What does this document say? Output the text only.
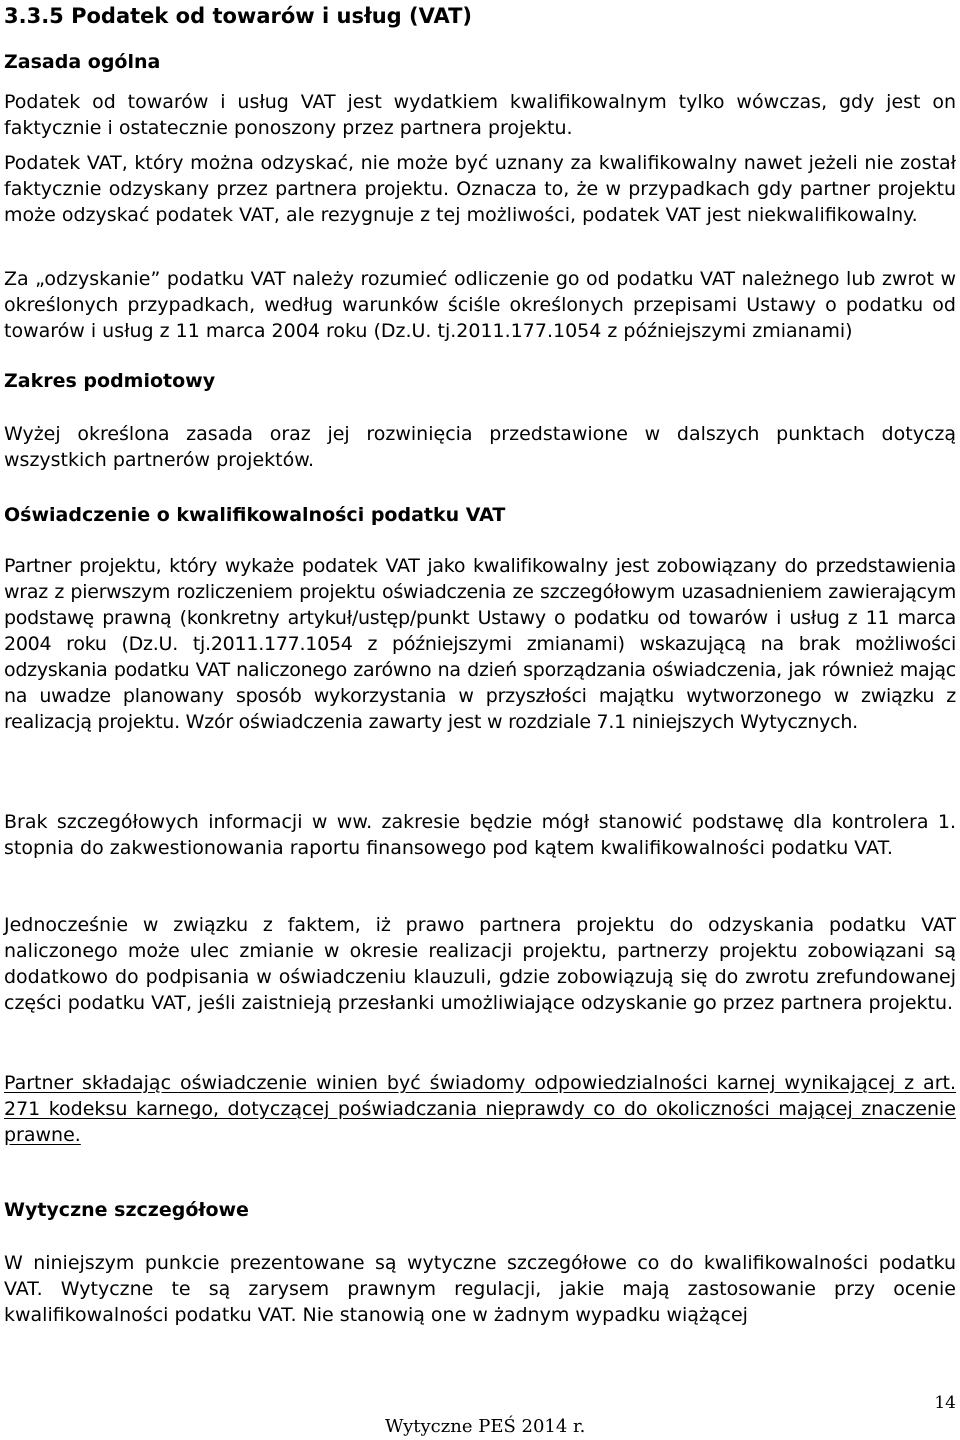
3.3.5 Podatek od towarów i usług (VAT)
Zasada ogólna

Podatek od towarów i usług VAT jest wydatkiem kwalifikowalnym tylko wówczas, gdy jest on faktycznie i ostatecznie ponoszony przez partnera projektu.

Podatek VAT, który można odzyskać, nie może być uznany za kwalifikowalny nawet jeżeli nie został faktycznie odzyskany przez partnera projektu. Oznacza to, że w przypadkach gdy partner projektu może odzyskać podatek VAT, ale rezygnuje z tej możliwości, podatek VAT jest niekwalifikowalny.

Za „odzyskanie” podatku VAT należy rozumieć odliczenie go od podatku VAT należnego lub zwrot w określonych przypadkach, według warunków ściśle określonych przepisami Ustawy o podatku od towarów i usług z 11 marca 2004 roku (Dz.U. tj.2011.177.1054 z późniejszymi zmianami)

Zakres podmiotowy

Wyżej określona zasada oraz jej rozwinięcia przedstawione w dalszych punktach dotyczą wszystkich partnerów projektów.

Oświadczenie o kwalifikowalności podatku VAT

Partner projektu, który wykaże podatek VAT jako kwalifikowalny jest zobowiązany do przedstawienia wraz z pierwszym rozliczeniem projektu oświadczenia ze szczegółowym uzasadnieniem zawierającym podstawę prawną (konkretny artykuł/ustęp/punkt Ustawy o podatku od towarów i usług z 11 marca 2004 roku (Dz.U. tj.2011.177.1054 z późniejszymi zmianami) wskazującą na brak możliwości odzyskania podatku VAT naliczonego zarówno na dzień sporządzania oświadczenia, jak również mając na uwadze planowany sposób wykorzystania w przyszłości majątku wytworzonego w związku z realizacją projektu. Wzór oświadczenia zawarty jest w rozdziale 7.1 niniejszych Wytycznych.

Brak szczegółowych informacji w ww. zakresie będzie mógł stanowić podstawę dla kontrolera 1. stopnia do zakwestionowania raportu finansowego pod kątem kwalifikowalności podatku VAT.

Jednocześnie w związku z faktem, iż prawo partnera projektu do odzyskania podatku VAT naliczonego może ulec zmianie w okresie realizacji projektu, partnerzy projektu zobowiązani są dodatkowo do podpisania w oświadczeniu klauzuli, gdzie zobowiązują się do zwrotu zrefundowanej części podatku VAT, jeśli zaistnieją przesłanki umożliwiające odzyskanie go przez partnera projektu.

Partner składając oświadczenie winien być świadomy odpowiedzialności karnej wynikającej z art. 271 kodeksu karnego, dotyczącej poświadczania nieprawdy co do okoliczności mającej znaczenie prawne.

Wytyczne szczegółowe

W niniejszym punkcie prezentowane są wytyczne szczegółowe co do kwalifikowalności podatku VAT. Wytyczne te są zarysem prawnym regulacji, jakie mają zastosowanie przy ocenie kwalifikowalności podatku VAT. Nie stanowią one w żadnym wypadku wiążącej

14
Wytyczne PEŚ 2014 r.
